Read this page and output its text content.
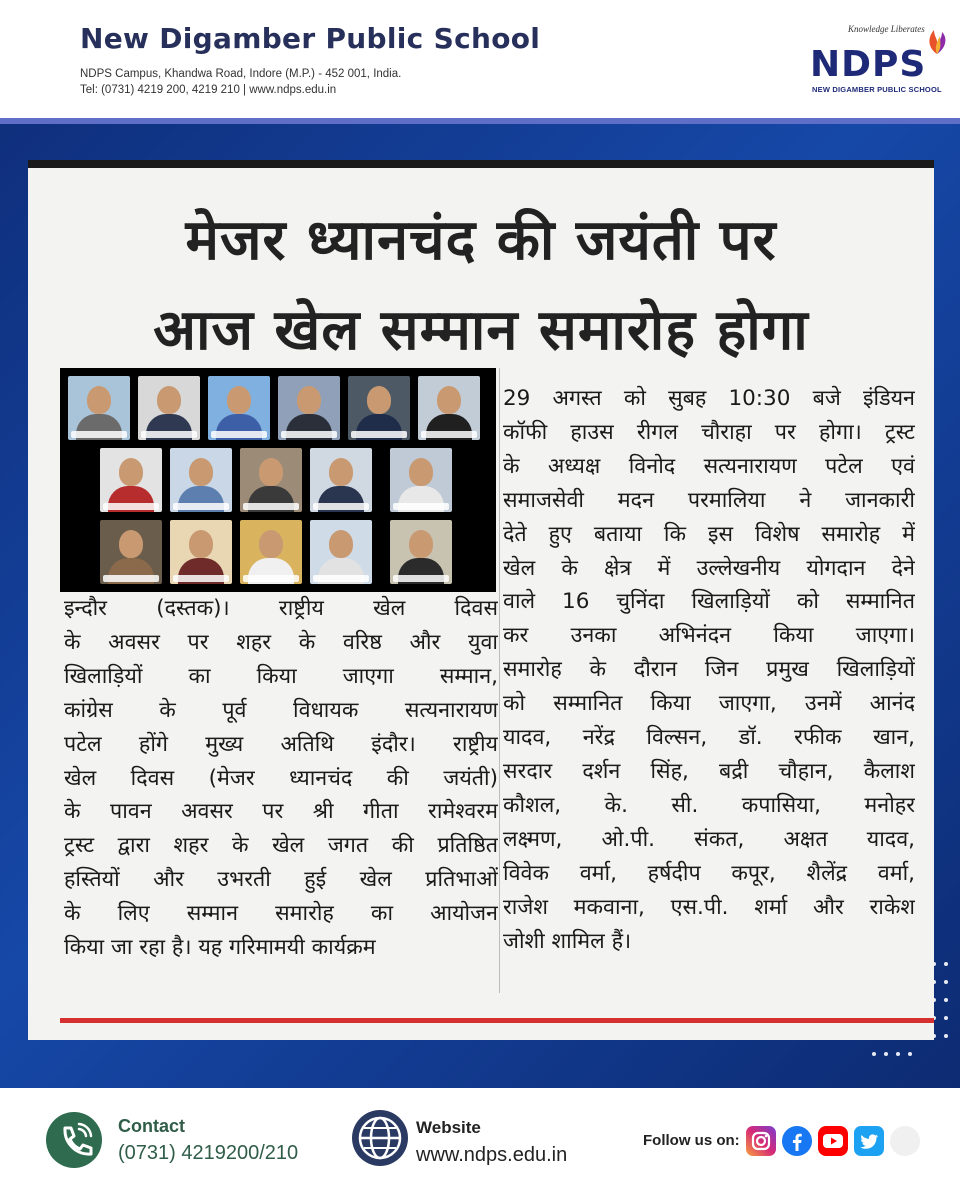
New Digamber Public School
NDPS Campus, Khandwa Road, Indore (M.P.) - 452 001, India.
Tel: (0731) 4219 200, 4219 210 | www.ndps.edu.in
Knowledge Liberates
NDPS
NEW DIGAMBER PUBLIC SCHOOL
मेजर ध्यानचंद की जयंती पर
आज खेल सम्मान समारोह होगा
इन्दौर (दस्तक)। राष्ट्रीय खेल दिवस
के अवसर पर शहर के वरिष्ठ और युवा
खिलाड़ियों का किया जाएगा सम्मान,
कांग्रेस के पूर्व विधायक सत्यनारायण
पटेल होंगे मुख्य अतिथि इंदौर। राष्ट्रीय
खेल दिवस (मेजर ध्यानचंद की जयंती)
के पावन अवसर पर श्री गीता रामेश्वरम
ट्रस्ट द्वारा शहर के खेल जगत की प्रतिष्ठित
हस्तियों और उभरती हुई खेल प्रतिभाओं
के लिए सम्मान समारोह का आयोजन
किया जा रहा है। यह गरिमामयी कार्यक्रम
29 अगस्त को सुबह 10:30 बजे इंडियन
कॉफी हाउस रीगल चौराहा पर होगा। ट्रस्ट
के अध्यक्ष विनोद सत्यनारायण पटेल एवं
समाजसेवी मदन परमालिया ने जानकारी
देते हुए बताया कि इस विशेष समारोह में
खेल के क्षेत्र में उल्लेखनीय योगदान देने
वाले 16 चुनिंदा खिलाड़ियों को सम्मानित
कर उनका अभिनंदन किया जाएगा।
समारोह के दौरान जिन प्रमुख खिलाड़ियों
को सम्मानित किया जाएगा, उनमें आनंद
यादव, नरेंद्र विल्सन, डॉ. रफीक खान,
सरदार दर्शन सिंह, बद्री चौहान, कैलाश
कौशल, के. सी. कपासिया, मनोहर
लक्ष्मण, ओ.पी. संकत, अक्षत यादव,
विवेक वर्मा, हर्षदीप कपूर, शैलेंद्र वर्मा,
राजेश मकवाना, एस.पी. शर्मा और राकेश
जोशी शामिल हैं।
Contact
(0731) 4219200/210
Website
www.ndps.edu.in
Follow us on:
